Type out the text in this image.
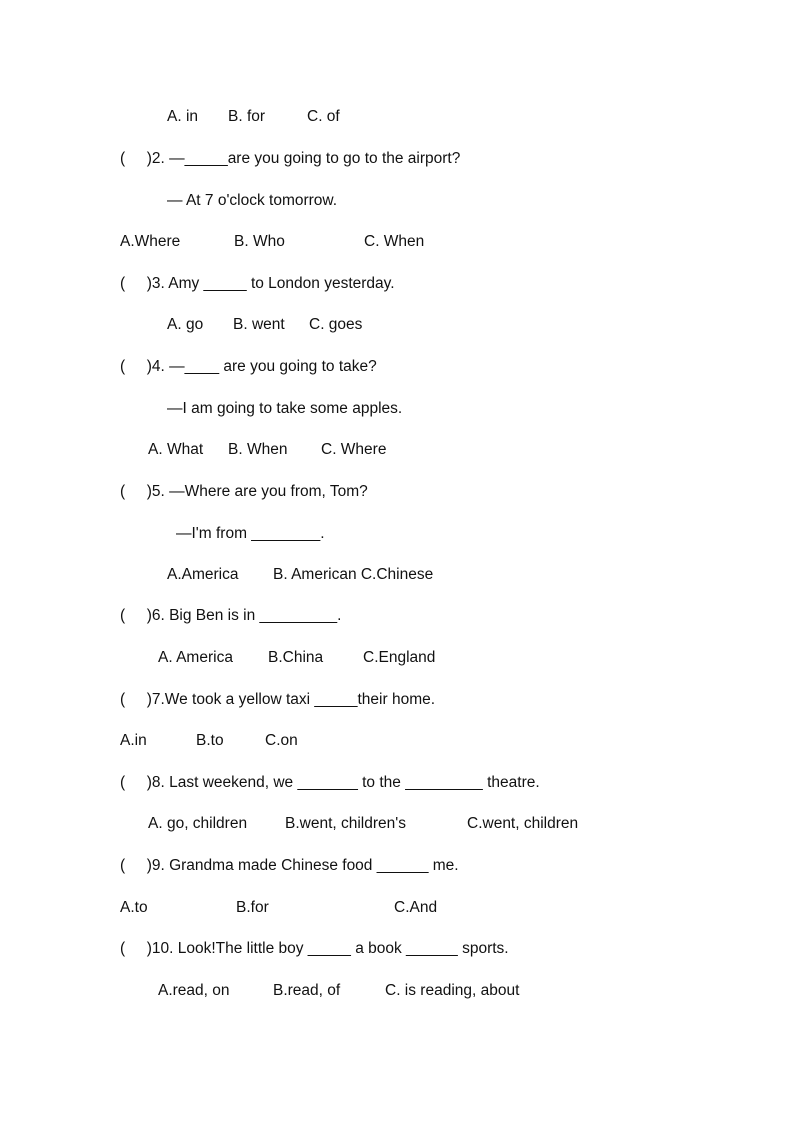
A. in B. for	C. of
(     )2. —_____are you going to go to the airport?
— At 7 o'clock tomorrow.
A.Where	B. Who	C. When
(     )3. Amy _____ to London yesterday.
A. go B. went C. goes
(     )4. —____ are you going to take?
—I am going to take some apples.
A. What B. When C. Where
(     )5. —Where are you from, Tom?
—I'm from ________.
A.America B. American C.Chinese
(     )6. Big Ben is in _________.
A. America B.China	C.England
(     )7.We took a yellow taxi _____their home.
A.in	B.to	C.on
(     )8. Last weekend, we _______ to the _________ theatre.
A. go, children B.went, children's	C.went, children
(     )9. Grandma made Chinese food ______ me.
A.to	B.for	C.And
(     )10. Look!The little boy _____ a book ______ sports.
A.read, on	B.read, of	C. is reading, about
